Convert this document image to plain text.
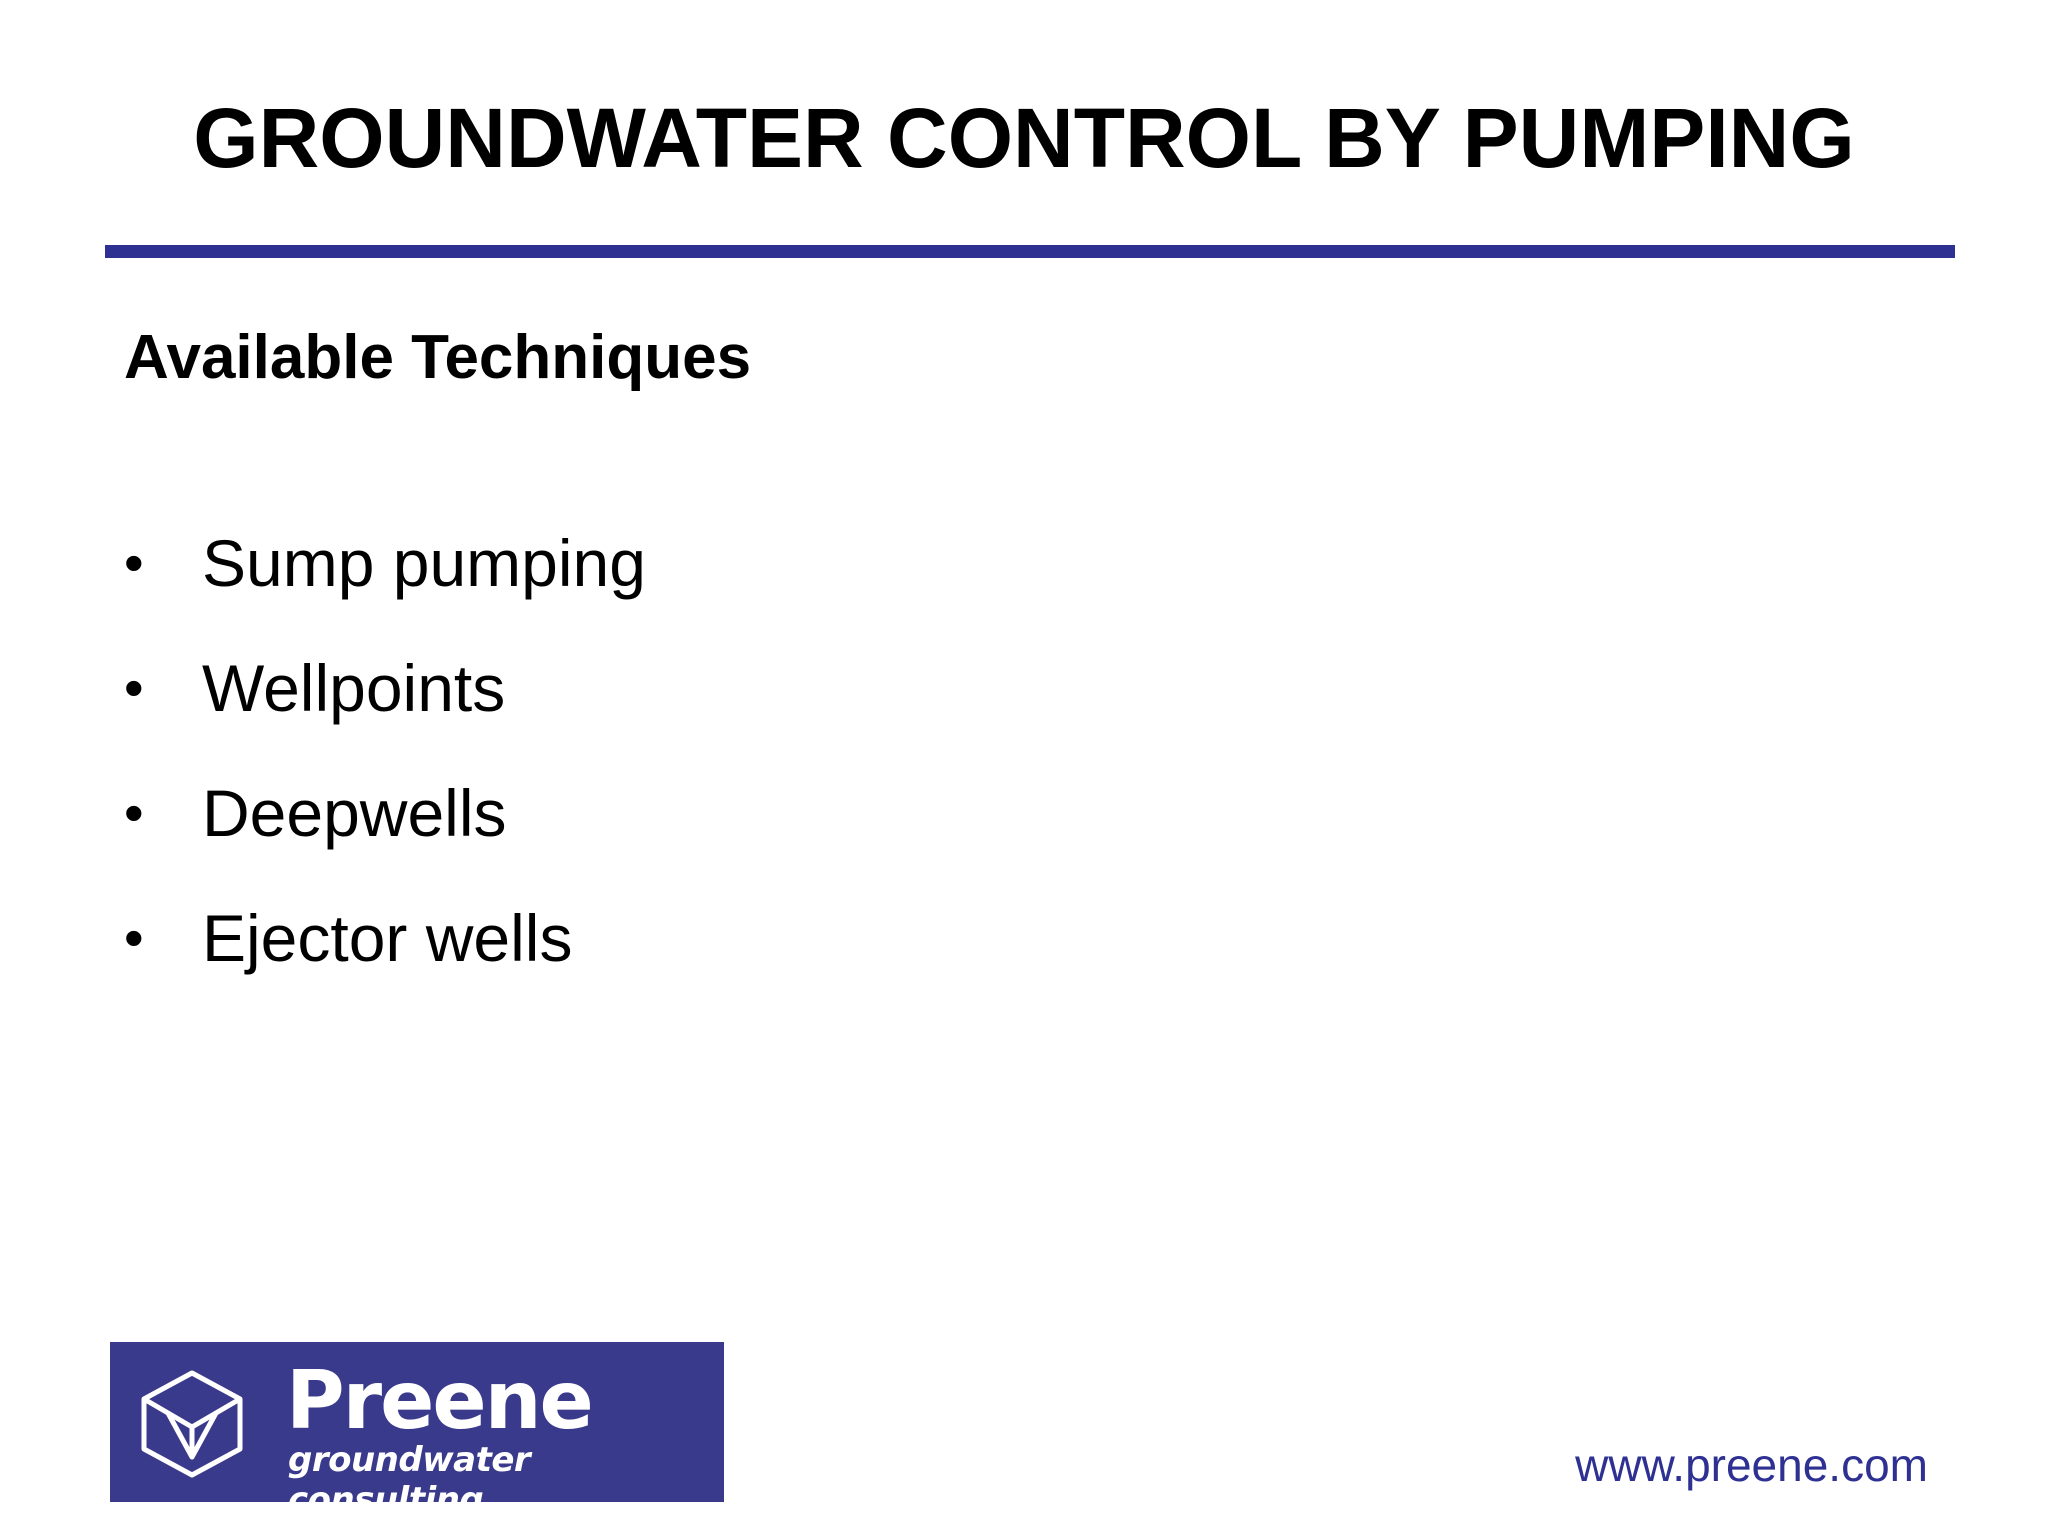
GROUNDWATER CONTROL BY PUMPING
Available Techniques
• Sump pumping
• Wellpoints
• Deepwells
• Ejector wells
Preene
groundwater consulting
www.preene.com
